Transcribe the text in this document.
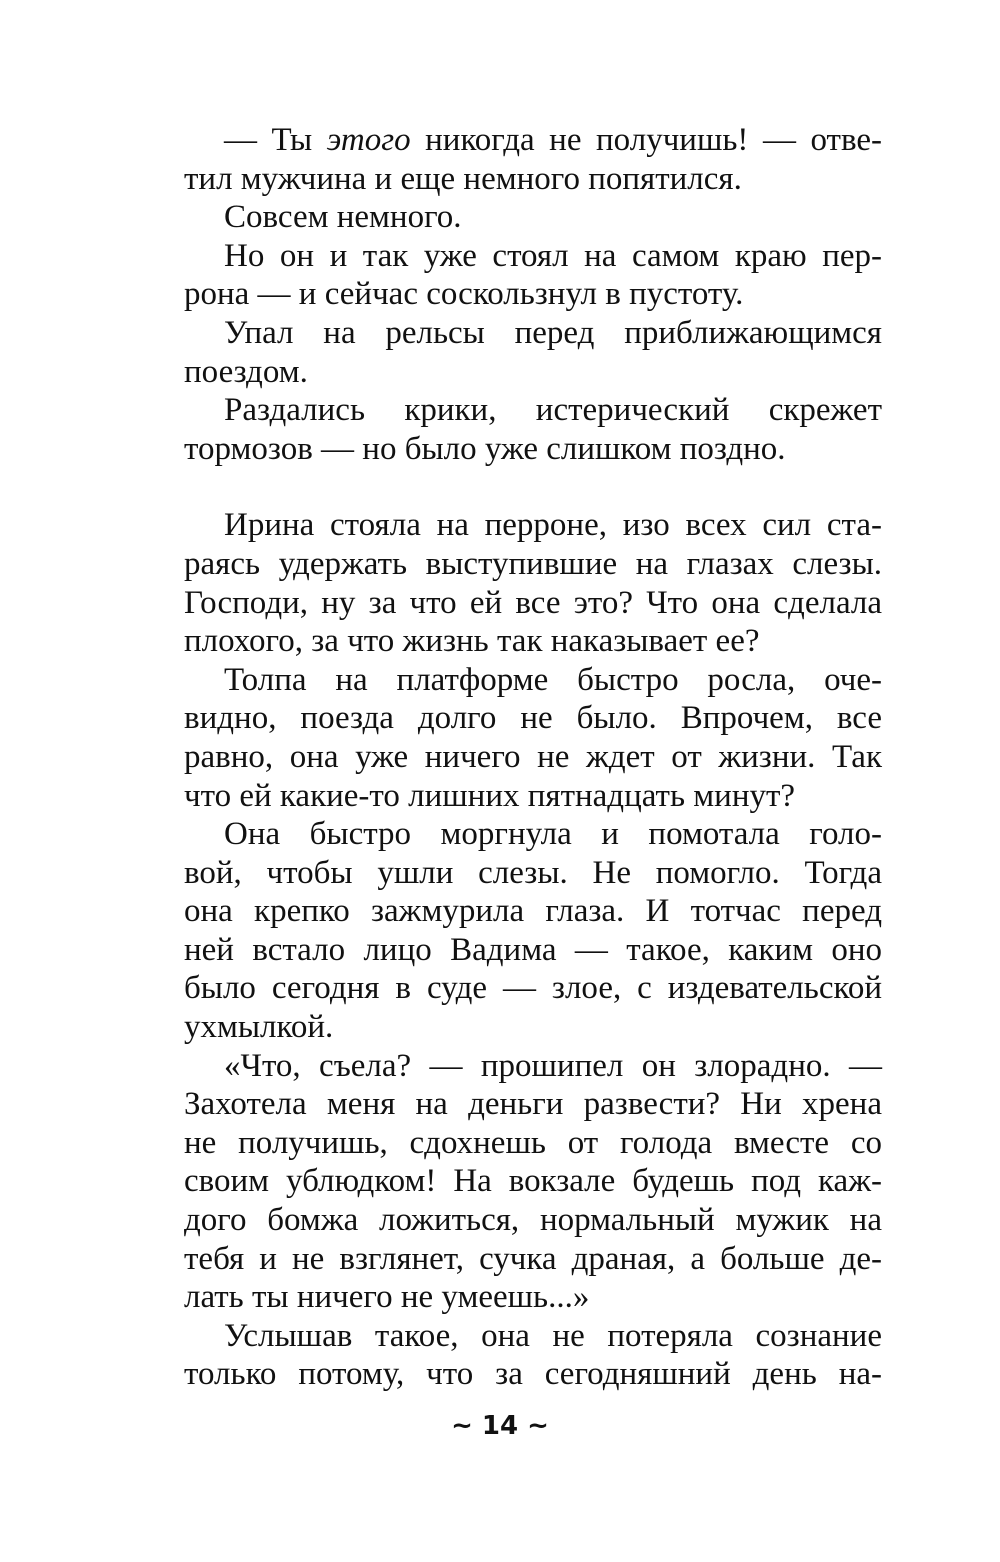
— Ты этого никогда не получишь! — отве-
тил мужчина и еще немного попятился.
Совсем немного.
Но он и так уже стоял на самом краю пер-
рона — и сейчас соскользнул в пустоту.
Упал на рельсы перед приближающимся
поездом.
Раздались крики, истерический скрежет
тормозов — но было уже слишком поздно.
Ирина стояла на перроне, изо всех сил ста-
раясь удержать выступившие на глазах слезы.
Господи, ну за что ей все это? Что она сделала
плохого, за что жизнь так наказывает ее?
Толпа на платформе быстро росла, оче-
видно, поезда долго не было. Впрочем, все
равно, она уже ничего не ждет от жизни. Так
что ей какие-то лишних пятнадцать минут?
Она быстро моргнула и помотала голо-
вой, чтобы ушли слезы. Не помогло. Тогда
она крепко зажмурила глаза. И тотчас перед
ней встало лицо Вадима — такое, каким оно
было сегодня в суде — злое, с издевательской
ухмылкой.
«Что, съела? — прошипел он злорадно. —
Захотела меня на деньги развести? Ни хрена
не получишь, сдохнешь от голода вместе со
своим ублюдком! На вокзале будешь под каж-
дого бомжа ложиться, нормальный мужик на
тебя и не взглянет, сучка драная, а больше де-
лать ты ничего не умеешь...»
Услышав такое, она не потеряла сознание
только потому, что за сегодняшний день на-
~ 14 ~
